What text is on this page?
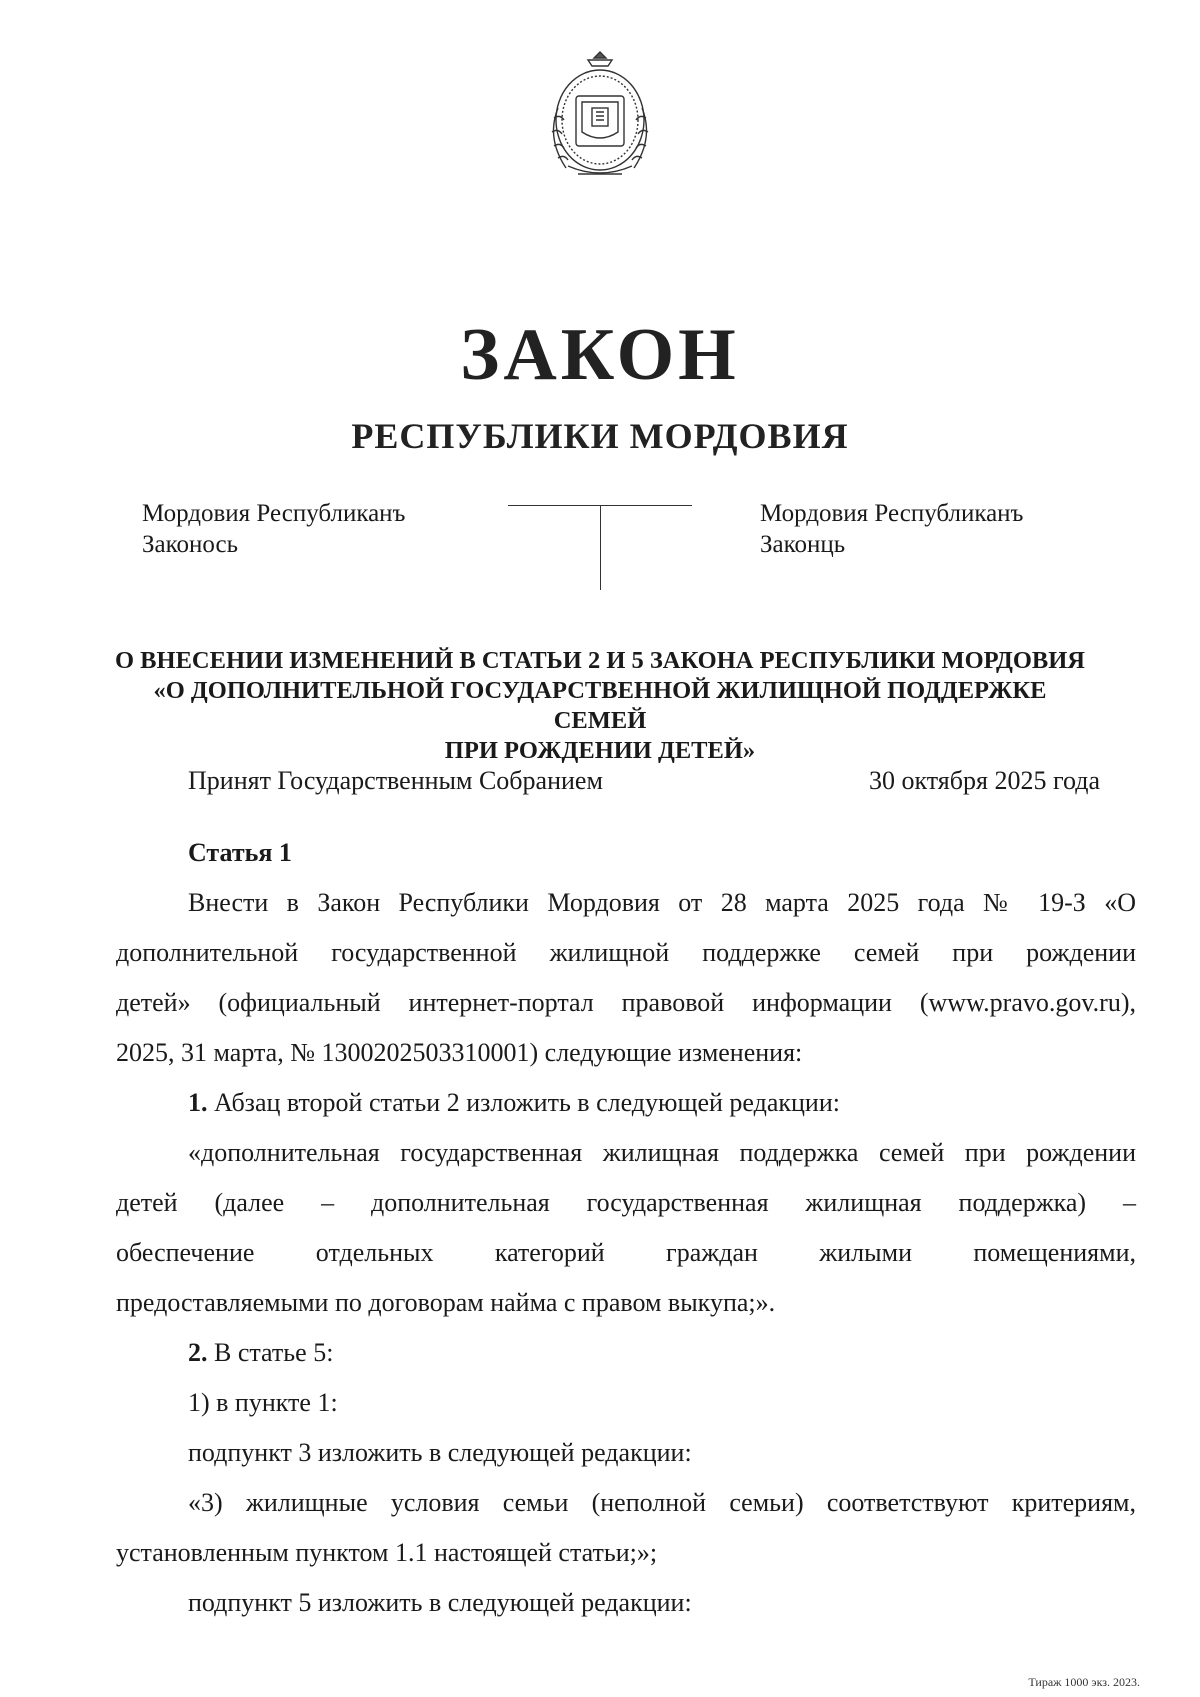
ЗАКОН
РЕСПУБЛИКИ МОРДОВИЯ
Мордовия Республиканъ
Законось
Мордовия Республиканъ
Законць
О ВНЕСЕНИИ ИЗМЕНЕНИЙ В СТАТЬИ 2 И 5 ЗАКОНА РЕСПУБЛИКИ МОРДОВИЯ
«О ДОПОЛНИТЕЛЬНОЙ ГОСУДАРСТВЕННОЙ ЖИЛИЩНОЙ ПОДДЕРЖКЕ СЕМЕЙ
ПРИ РОЖДЕНИИ ДЕТЕЙ»
Принят Государственным Собранием	30 октября 2025 года
Статья 1
Внести в Закон Республики Мордовия от 28 марта 2025 года № 19-З «О
дополнительной государственной жилищной поддержке семей при рождении
детей» (официальный интернет-портал правовой информации (www.pravo.gov.ru),
2025, 31 марта, № 1300202503310001) следующие изменения:
1. Абзац второй статьи 2 изложить в следующей редакции:
«дополнительная государственная жилищная поддержка семей при рождении
детей (далее – дополнительная государственная жилищная поддержка) –
обеспечение отдельных категорий граждан жилыми помещениями,
предоставляемыми по договорам найма с правом выкупа;».
2. В статье 5:
1) в пункте 1:
подпункт 3 изложить в следующей редакции:
«3) жилищные условия семьи (неполной семьи) соответствуют критериям,
установленным пунктом 1.1 настоящей статьи;»;
подпункт 5 изложить в следующей редакции:
Тираж 1000 экз. 2023.
